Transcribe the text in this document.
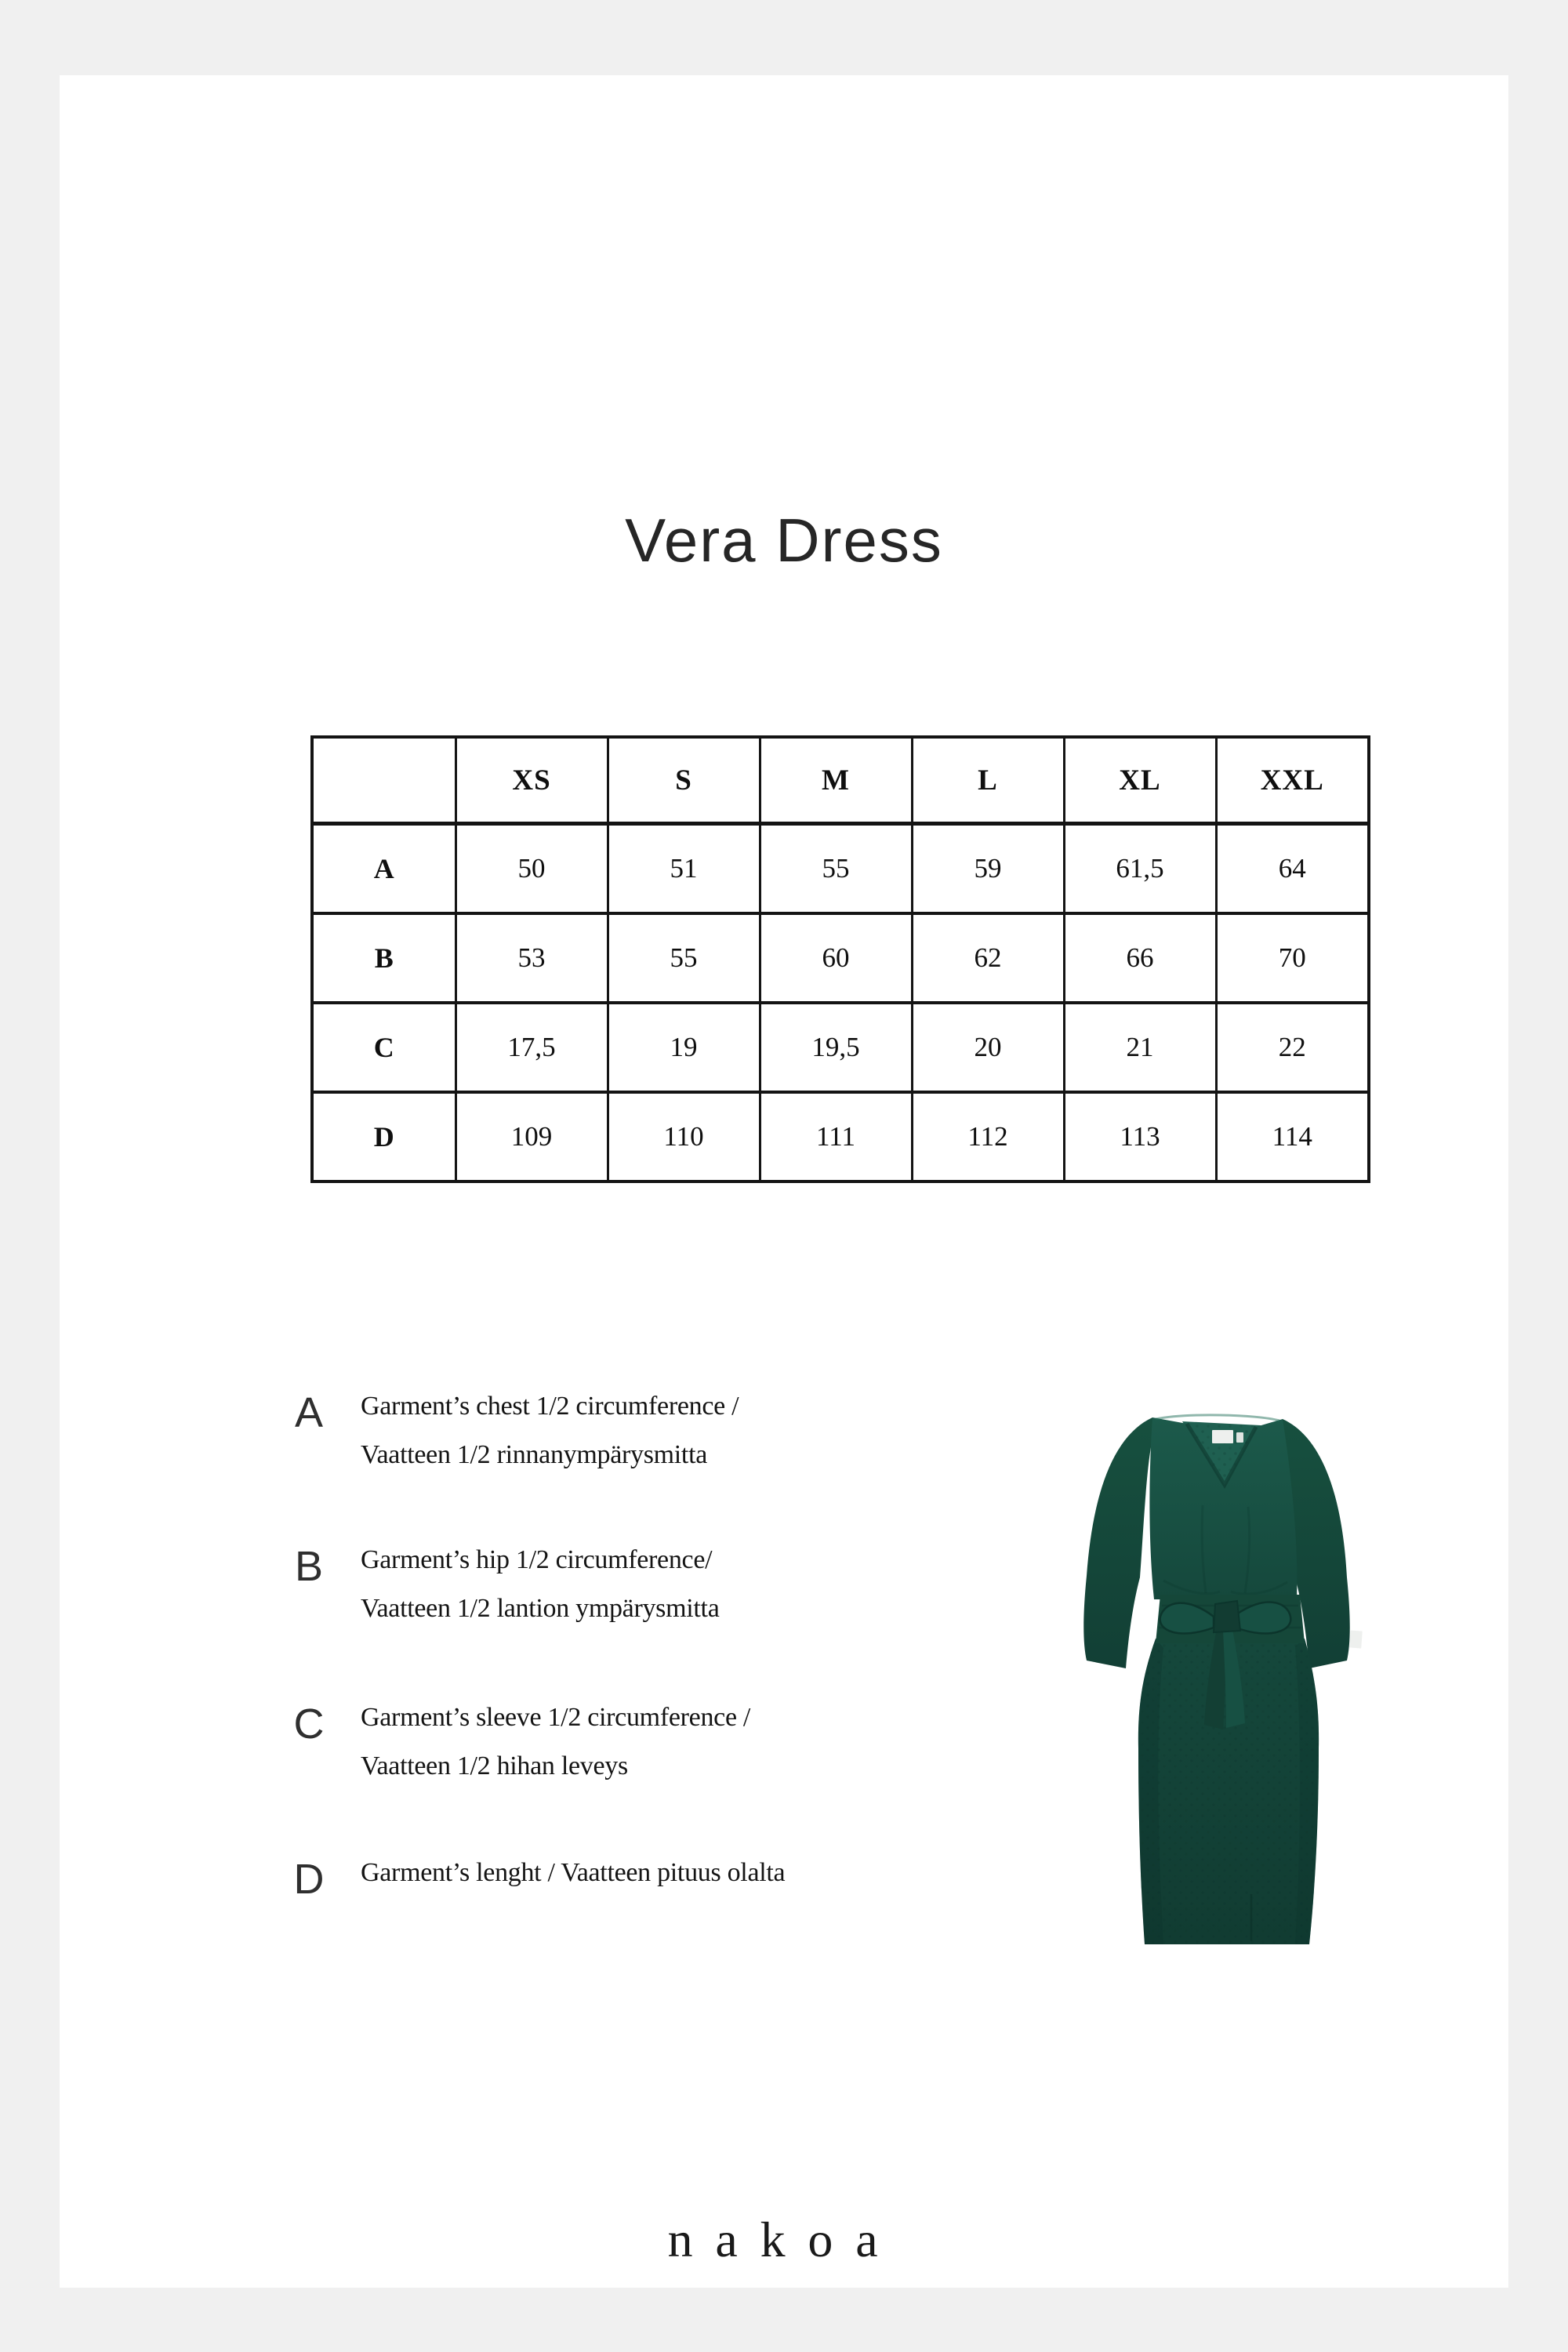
Vera Dress
	XS	S	M	L	XL	XXL
A	50	51	55	59	61,5	64
B	53	55	60	62	66	70
C	17,5	19	19,5	20	21	22
D	109	110	111	112	113	114
A	Garment’s chest 1/2 circumference /
Vaatteen 1/2 rinnanympärysmitta
B	Garment’s hip 1/2 circumference/
Vaatteen 1/2 lantion ympärysmitta
C	Garment’s sleeve 1/2 circumference /
Vaatteen 1/2 hihan leveys
D	Garment’s lenght / Vaatteen pituus olalta
nakoa
